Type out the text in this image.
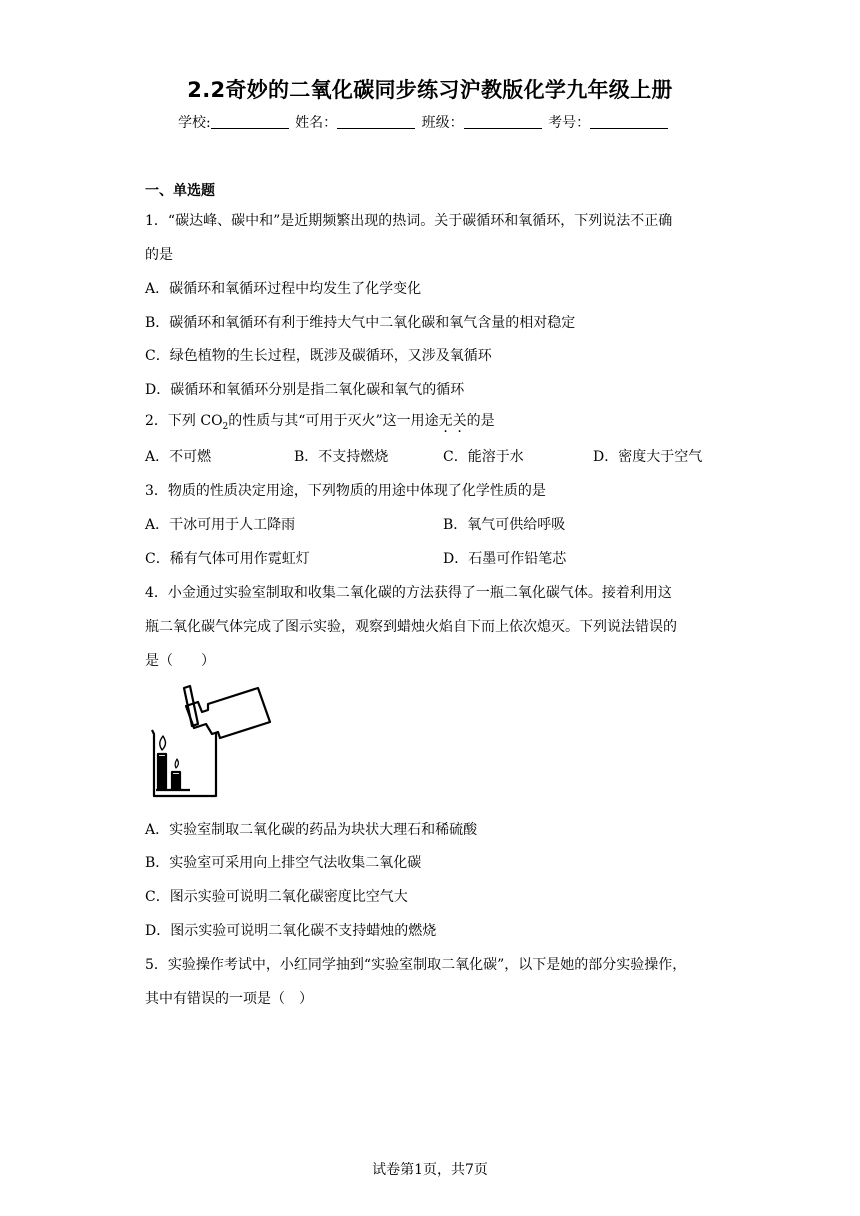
2.2奇妙的二氧化碳同步练习沪教版化学九年级上册
学校:	姓名：	班级：	考号：
一、单选题
1．“碳达峰、碳中和”是近期频繁出现的热词。关于碳循环和氧循环，下列说法不正确
的是
A．碳循环和氧循环过程中均发生了化学变化
B．碳循环和氧循环有利于维持大气中二氧化碳和氧气含量的相对稳定
C．绿色植物的生长过程，既涉及碳循环，又涉及氧循环
D．碳循环和氧循环分别是指二氧化碳和氧气的循环
2．下列 $CO_2$的性质与其“可用于灭火”这一用途无关的是
A．不可燃	B．不支持燃烧	C．能溶于水	D．密度大于空气
3．物质的性质决定用途，下列物质的用途中体现了化学性质的是
A．干冰可用于人工降雨	B．氧气可供给呼吸
C．稀有气体可用作霓虹灯	D．石墨可作铅笔芯
4．小金通过实验室制取和收集二氧化碳的方法获得了一瓶二氧化碳气体。接着利用这
瓶二氧化碳气体完成了图示实验，观察到蜡烛火焰自下而上依次熄灭。下列说法错误的
是（　　）
A．实验室制取二氧化碳的药品为块状大理石和稀硫酸
B．实验室可采用向上排空气法收集二氧化碳
C．图示实验可说明二氧化碳密度比空气大
D．图示实验可说明二氧化碳不支持蜡烛的燃烧
5．实验操作考试中，小红同学抽到“实验室制取二氧化碳”，以下是她的部分实验操作，
其中有错误的一项是（　）
试卷第1页，共7页
